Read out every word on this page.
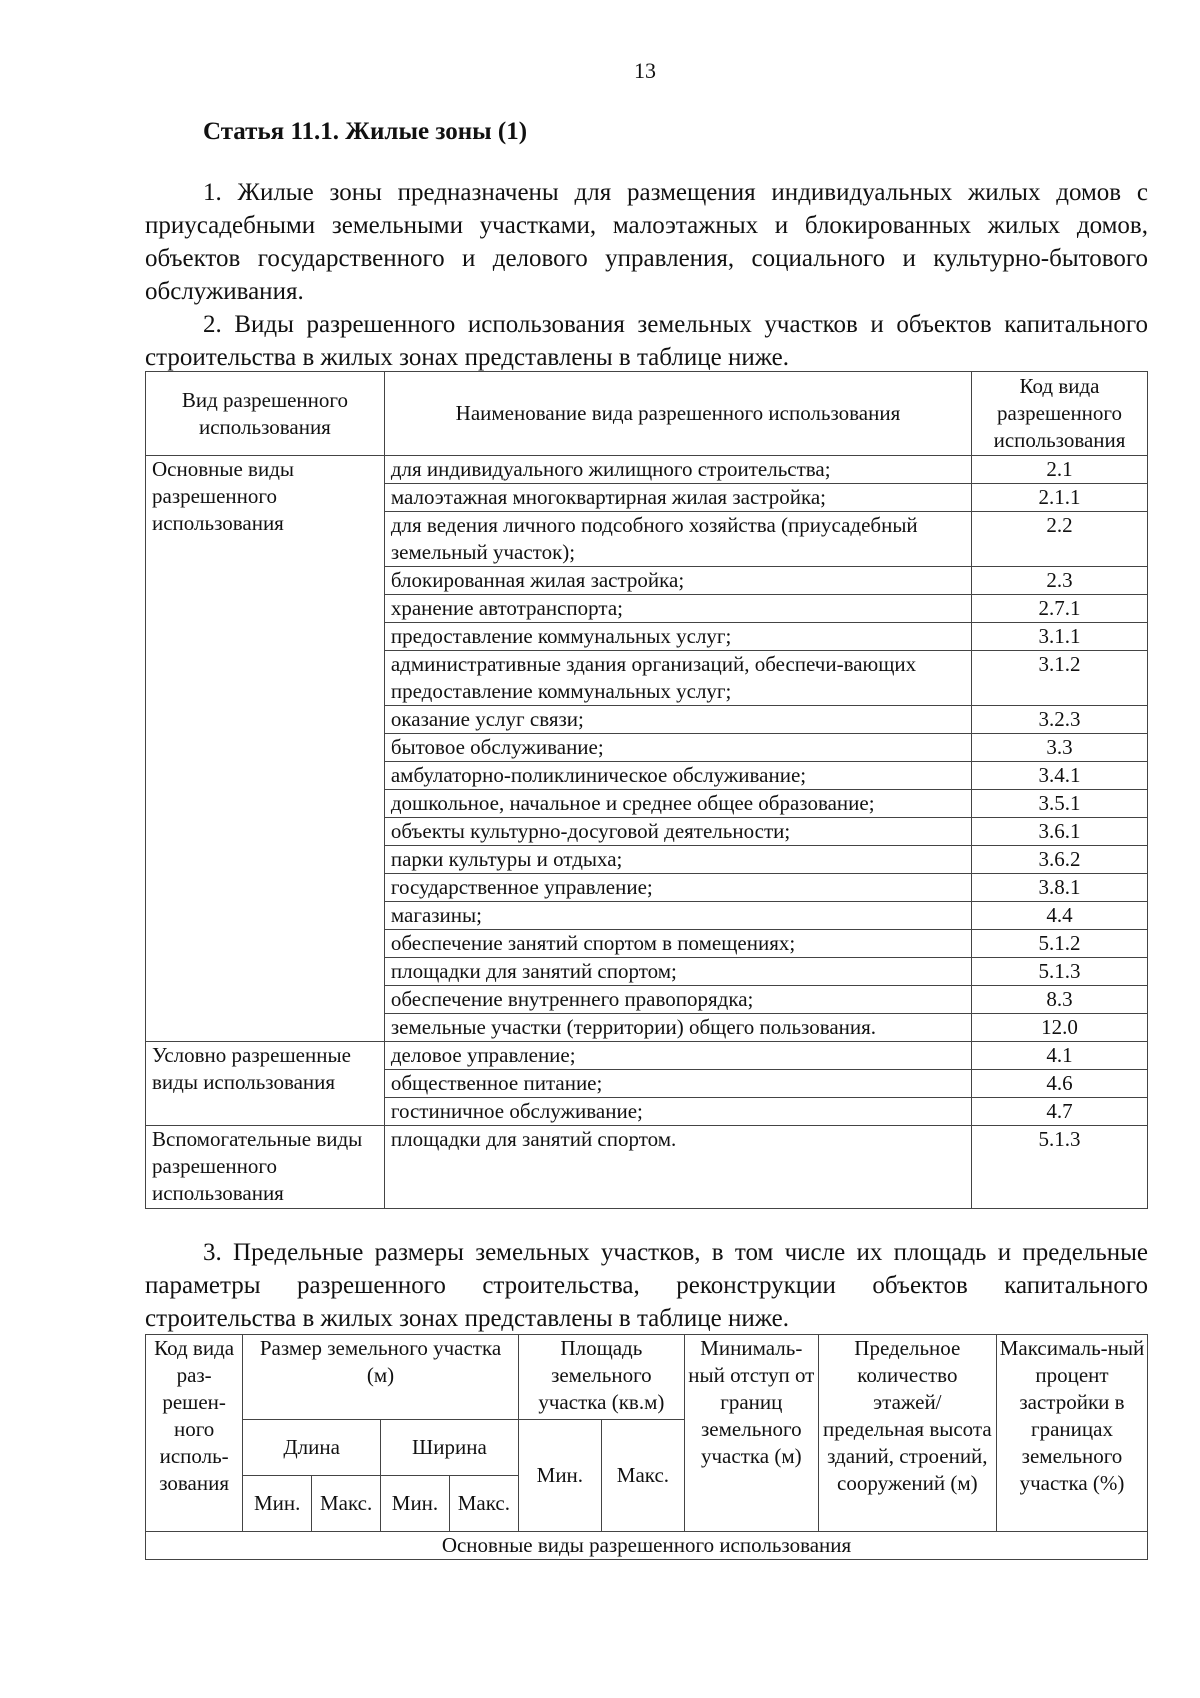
13
Статья 11.1. Жилые зоны (1)

1. Жилые зоны предназначены для размещения индивидуальных жилых домов с приусадебными земельными участками, малоэтажных и блокированных жилых домов, объектов государственного и делового управления, социального и культурно-бытового обслуживания.

2. Виды разрешенного использования земельных участков и объектов капитального строительства в жилых зонах представлены в таблице ниже.

Вид разрешенного использования	Наименование вида разрешенного использования	Код вида разрешенного использования
Основные виды разрешенного использования	для индивидуального жилищного строительства;	2.1
	малоэтажная многоквартирная жилая застройка;	2.1.1
	для ведения личного подсобного хозяйства (приусадебный земельный участок);	2.2
	блокированная жилая застройка;	2.3
	хранение автотранспорта;	2.7.1
	предоставление коммунальных услуг;	3.1.1
	административные здания организаций, обеспечи-вающих предоставление коммунальных услуг;	3.1.2
	оказание услуг связи;	3.2.3
	бытовое обслуживание;	3.3
	амбулаторно-поликлиническое обслуживание;	3.4.1
	дошкольное, начальное и среднее общее образование;	3.5.1
	объекты культурно-досуговой деятельности;	3.6.1
	парки культуры и отдыха;	3.6.2
	государственное управление;	3.8.1
	магазины;	4.4
	обеспечение занятий спортом в помещениях;	5.1.2
	площадки для занятий спортом;	5.1.3
	обеспечение внутреннего правопорядка;	8.3
	земельные участки (территории) общего пользования.	12.0
Условно разрешенные виды использования	деловое управление;	4.1
	общественное питание;	4.6
	гостиничное обслуживание;	4.7
Вспомогательные виды разрешенного использования	площадки для занятий спортом.	5.1.3

3. Предельные размеры земельных участков, в том числе их площадь и предельные параметры разрешенного строительства, реконструкции объектов капитального строительства в жилых зонах представлены в таблице ниже.

Код вида раз-решен-ного исполь-зования	Размер земельного участка (м)				Площадь земельного участка (кв.м)		Минималь-ный отступ от границ земельного участка (м)	Предельное количество этажей/ предельная высота зданий, строений, сооружений (м)	Максималь-ный процент застройки в границах земельного участка (%)
	Длина		Ширина		Мин.	Макс.			
	Мин.	Макс.	Мин.	Макс.					
Основные виды разрешенного использования									
